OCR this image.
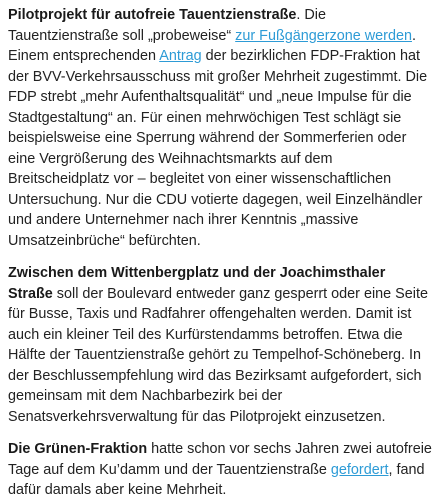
Pilotprojekt für autofreie Tauentzienstraße. Die Tauentzienstraße soll „probeweise“ zur Fußgängerzone werden. Einem entsprechenden Antrag der bezirklichen FDP-Fraktion hat der BVV-Verkehrsausschuss mit großer Mehrheit zugestimmt. Die FDP strebt „mehr Aufenthaltsqualität“ und „neue Impulse für die Stadtgestaltung“ an. Für einen mehrwöchigen Test schlägt sie beispielsweise eine Sperrung während der Sommerferien oder eine Vergrößerung des Weihnachtsmarkts auf dem Breitscheidplatz vor – begleitet von einer wissenschaftlichen Untersuchung. Nur die CDU votierte dagegen, weil Einzelhändler und andere Unternehmer nach ihrer Kenntnis „massive Umsatzeinbrüche“ befürchten.

Zwischen dem Wittenbergplatz und der Joachimsthaler Straße soll der Boulevard entweder ganz gesperrt oder eine Seite für Busse, Taxis und Radfahrer offengehalten werden. Damit ist auch ein kleiner Teil des Kurfürstendamms betroffen. Etwa die Hälfte der Tauentzienstraße gehört zu Tempelhof-Schöneberg. In der Beschlussempfehlung wird das Bezirksamt aufgefordert, sich gemeinsam mit dem Nachbarbezirk bei der Senatsverkehrsverwaltung für das Pilotprojekt einzusetzen.

Die Grünen-Fraktion hatte schon vor sechs Jahren zwei autofreie Tage auf dem Ku’damm und der Tauentzienstraße gefordert, fand dafür damals aber keine Mehrheit.
